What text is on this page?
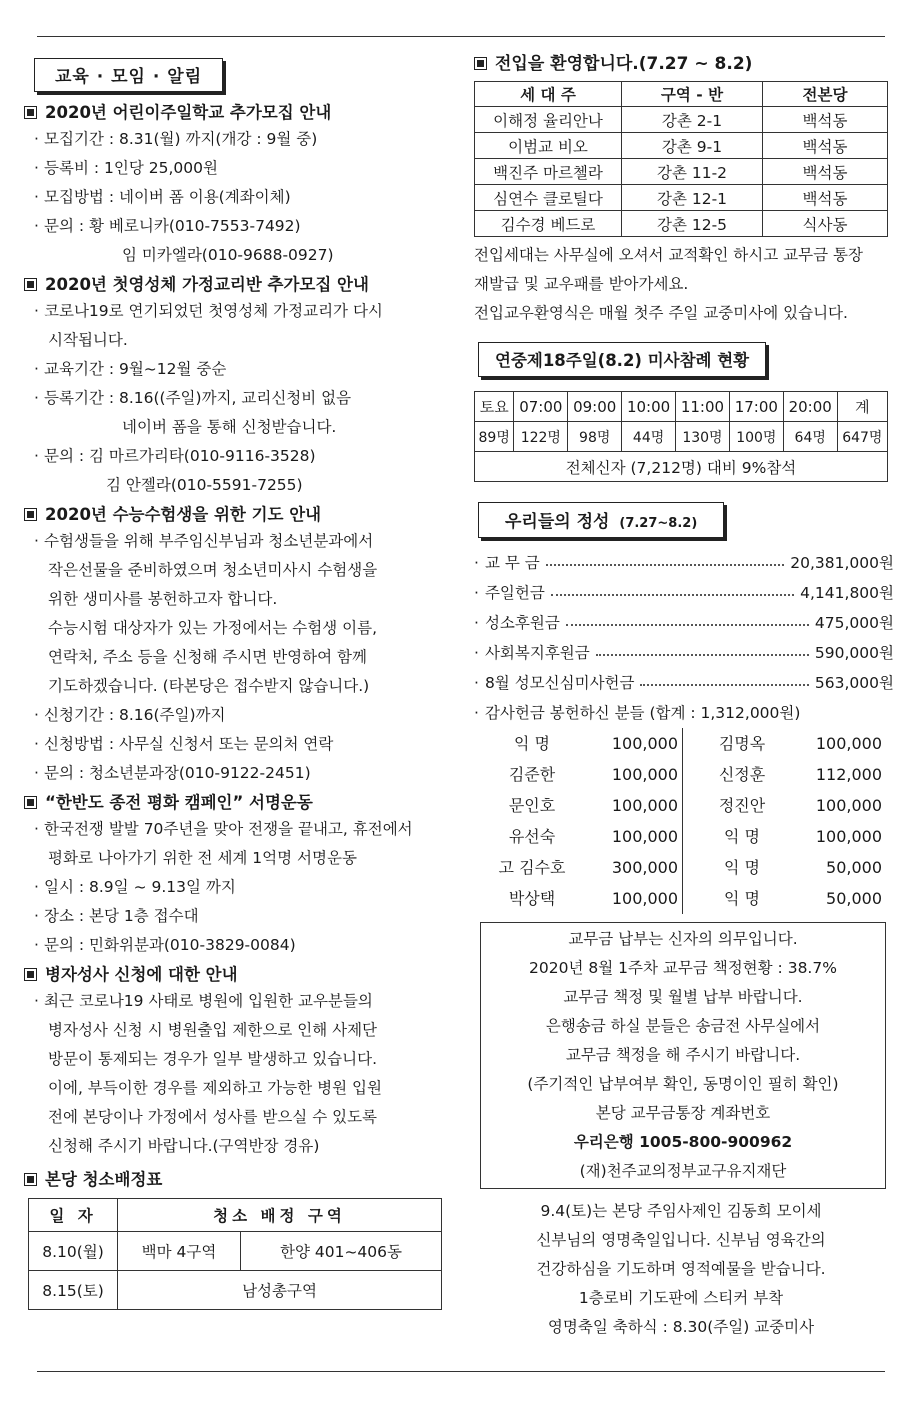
교육 · 모임 · 알림
2020년 어린이주일학교 추가모집 안내
· 모집기간 : 8.31(월) 까지(개강 : 9월 중)
· 등록비 : 1인당 25,000원
· 모집방법 : 네이버 폼 이용(계좌이체)
· 문의 : 황 베로니카(010-7553-7492)
임 미카엘라(010-9688-0927)
2020년 첫영성체 가정교리반 추가모집 안내
· 코로나19로 연기되었던 첫영성체 가정교리가 다시
시작됩니다.
· 교육기간 : 9월~12월 중순
· 등록기간 : 8.16((주일)까지, 교리신청비 없음
네이버 폼을 통해 신청받습니다.
· 문의 : 김 마르가리타(010-9116-3528)
김 안젤라(010-5591-7255)
2020년 수능수험생을 위한 기도 안내
· 수험생들을 위해 부주임신부님과 청소년분과에서
작은선물을 준비하였으며 청소년미사시 수험생을
위한 생미사를 봉헌하고자 합니다.
수능시험 대상자가 있는 가정에서는 수험생 이름,
연락처, 주소 등을 신청해 주시면 반영하여 함께
기도하겠습니다. (타본당은 접수받지 않습니다.)
· 신청기간 : 8.16(주일)까지
· 신청방법 : 사무실 신청서 또는 문의처 연락
· 문의 : 청소년분과장(010-9122-2451)
“한반도 종전 평화 캠페인” 서명운동
· 한국전쟁 발발 70주년을 맞아 전쟁을 끝내고, 휴전에서
평화로 나아가기 위한 전 세계 1억명 서명운동
· 일시 : 8.9일 ~ 9.13일 까지
· 장소 : 본당 1층 접수대
· 문의 : 민화위분과(010-3829-0084)
병자성사 신청에 대한 안내
· 최근 코로나19 사태로 병원에 입원한 교우분들의
병자성사 신청 시 병원출입 제한으로 인해 사제단
방문이 통제되는 경우가 일부 발생하고 있습니다.
이에, 부득이한 경우를 제외하고 가능한 병원 입원
전에 본당이나 가정에서 성사를 받으실 수 있도록
신청해 주시기 바랍니다.(구역반장 경유)
본당 청소배정표
일 자	청소 배정 구역	
8.10(월)	백마 4구역	한양 401~406동
8.15(토)	남성총구역	
전입을 환영합니다.(7.27 ~ 8.2)
세 대 주	구역 - 반	전본당
이해정 율리안나	강촌 2-1	백석동
이범교 비오	강촌 9-1	백석동
백진주 마르첼라	강촌 11-2	백석동
심연수 클로틸다	강촌 12-1	백석동
김수경 베드로	강촌 12-5	식사동
전입세대는 사무실에 오셔서 교적확인 하시고 교무금 통장
재발급 및 교우패를 받아가세요.
전입교우환영식은 매월 첫주 주일 교중미사에 있습니다.
연중제18주일(8.2) 미사참례 현황
토요	07:00	09:00	10:00	11:00	17:00	20:00	계
89명	122명	98명	44명	130명	100명	64명	647명
전체신자 (7,212명) 대비 9%참석							
우리들의 정성 (7.27~8.2)
· 교 무 금	20,381,000원
· 주일헌금	4,141,800원
· 성소후원금	475,000원
· 사회복지후원금	590,000원
· 8월 성모신심미사헌금	563,000원
· 감사헌금 봉헌하신 분들 (합계 : 1,312,000원)
익 명	100,000	김명옥	100,000
김준한	100,000	신정훈	112,000
문인호	100,000	정진안	100,000
유선숙	100,000	익 명	100,000
고 김수호	300,000	익 명	50,000
박상택	100,000	익 명	50,000
교무금 납부는 신자의 의무입니다.
2020년 8월 1주차 교무금 책정현황 : 38.7%
교무금 책정 및 월별 납부 바랍니다.
은행송금 하실 분들은 송금전 사무실에서
교무금 책정을 해 주시기 바랍니다.
(주기적인 납부여부 확인, 동명이인 필히 확인)
본당 교무금통장 계좌번호
우리은행 1005-800-900962
(재)천주교의정부교구유지재단
9.4(토)는 본당 주임사제인 김동희 모이세
신부님의 영명축일입니다. 신부님 영육간의
건강하심을 기도하며 영적예물을 받습니다.
1층로비 기도판에 스티커 부착
영명축일 축하식 : 8.30(주일) 교중미사
